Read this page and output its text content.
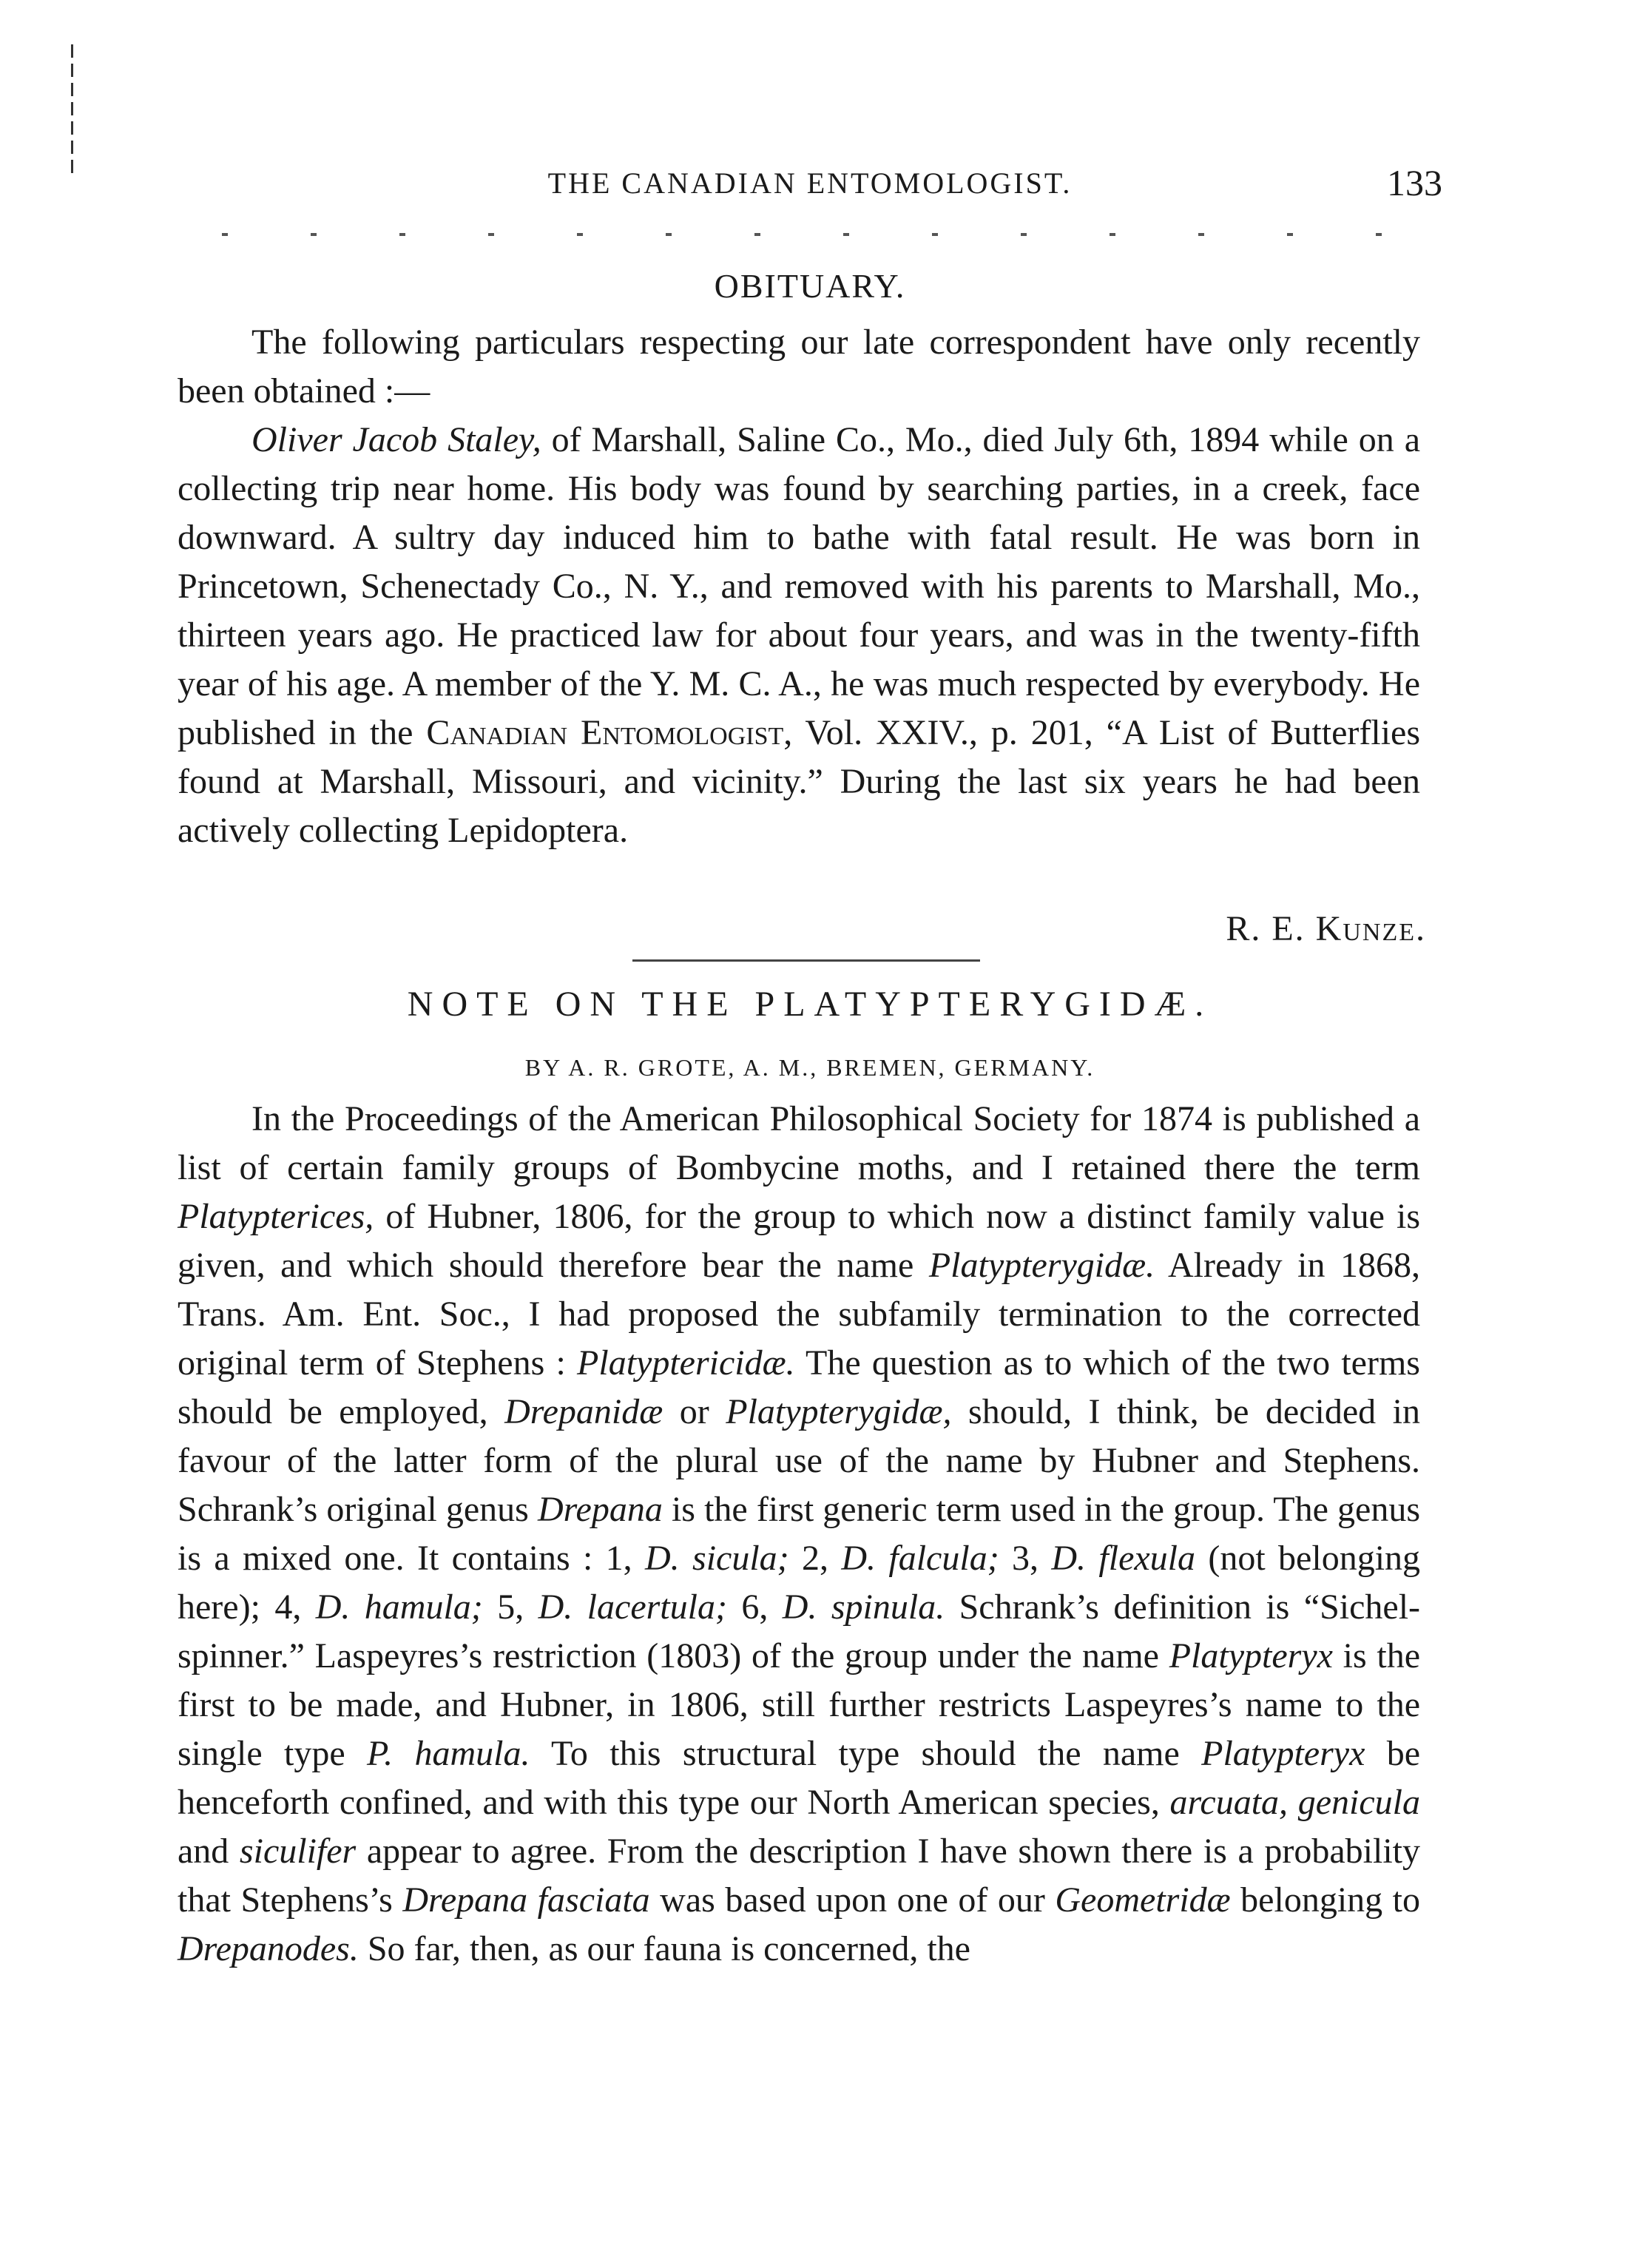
THE CANADIAN ENTOMOLOGIST.	133
OBITUARY.

The following particulars respecting our late correspondent have only recently been obtained :—

Oliver Jacob Staley, of Marshall, Saline Co., Mo., died July 6th, 1894 while on a collecting trip near home. His body was found by searching parties, in a creek, face downward. A sultry day induced him to bathe with fatal result. He was born in Princetown, Schenectady Co., N. Y., and removed with his parents to Marshall, Mo., thirteen years ago. He practiced law for about four years, and was in the twenty-fifth year of his age. A member of the Y. M. C. A., he was much respected by everybody. He published in the Canadian Entomologist, Vol. XXIV., p. 201, “A List of Butterflies found at Marshall, Missouri, and vicinity.” During the last six years he had been actively collecting Lepidoptera.

R. E. Kunze.
NOTE ON THE PLATYPTERYGIDÆ.
BY A. R. GROTE, A. M., BREMEN, GERMANY.

In the Proceedings of the American Philosophical Society for 1874 is published a list of certain family groups of Bombycine moths, and I retained there the term Platypterices, of Hubner, 1806, for the group to which now a distinct family value is given, and which should therefore bear the name Platypterygidæ. Already in 1868, Trans. Am. Ent. Soc., I had proposed the subfamily termination to the corrected original term of Stephens : Platyptericidæ. The question as to which of the two terms should be employed, Drepanidæ or Platypterygidæ, should, I think, be decided in favour of the latter form of the plural use of the name by Hubner and Stephens. Schrank’s original genus Drepana is the first generic term used in the group. The genus is a mixed one. It contains : 1, D. sicula; 2, D. falcula; 3, D. flexula (not belonging here); 4, D. hamula; 5, D. lacertula; 6, D. spinula. Schrank’s definition is “Sichel-spinner.” Laspeyres’s restriction (1803) of the group under the name Platypteryx is the first to be made, and Hubner, in 1806, still further restricts Laspeyres’s name to the single type P. hamula. To this structural type should the name Platypteryx be henceforth confined, and with this type our North American species, arcuata, genicula and siculifer appear to agree. From the description I have shown there is a probability that Stephens’s Drepana fasciata was based upon one of our Geometridæ belonging to Drepanodes. So far, then, as our fauna is concerned, the
